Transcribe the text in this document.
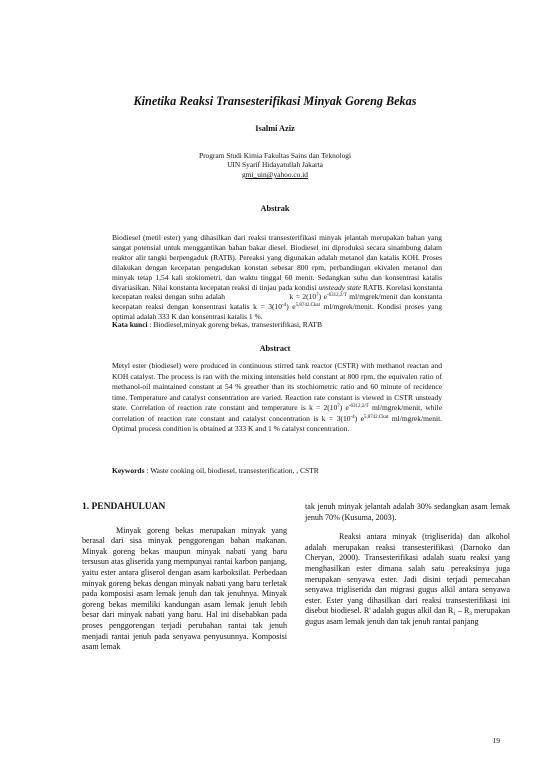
Kinetika Reaksi Transesterifikasi Minyak Goreng Bekas
Isalmi Aziz
Program Studi Kimia Fakultas Sains dan Teknologi
UIN Syarif Hidayatullah Jakarta
gmi_uin@yahoo.co.id
Abstrak
Biodiesel (metil ester) yang dihasilkan dari reaksi transesterifikasi minyak jelantah merupakan bahan yang sangat potensial untuk menggantikan bahan bakar diesel. Biodiesel ini diproduksi secara sinambung dalam reaktor alir tangki berpengaduk (RATB). Pereaksi yang digunakan adalah metanol dan katalis KOH. Proses dilakukan dengan kecepatan pengadukan konstan sebesar 800 rpm, perbandingan ekivalen metanol dan minyak tetap 1,54 kali stokiometri, dan waktu tinggal 60 menit. Sedangkan suhu dan konsentrasi katalis divariasikan. Nilai konstanta kecepatan reaksi di tinjau pada kondisi unsteady state RATB. Korelasi konstanta kecepatan reaksi dengan suhu adalah	$k = 2(10^7)$ $e^{-6312,2/T}$ ml/mgrek/menit dan konstanta kecepatan reaksi dengan konsentrasi katalis $k = 3(10^{-4})$ $e^{5,8742.Ckat}$ ml/mgrek/menit. Kondisi proses yang optimal adalah 333 K dan konsentrasi katalis 1 %.
Kata kunci : Biodiesel,minyak goreng bekas, transesterifikasi, RATB
Abstract
Metyl ester (biodiesel) were produced in continuous stirred tank reactor (CSTR) with methanol reactan and KOH catalyst. The process is ran with the mixing intensities held constant at 800 rpm, the equivalen ratio of methanol-oil maintained constant at 54 % greather than its stochiometric ratio and 60 minute of recidence time. Temperature and catalyst consentration are varied. Reaction rate constant is viewed in CSTR unsteady state. Correlation of reaction rate constant and temperature is $k = 2(10^7)$ $e^{-6312,2/T}$ ml/mgrek/menit, while correlation of reaction rate constant and catalyst concentration is $k = 3(10^{-4})$ $e^{5,8742.Ckat}$ ml/mgrek/menit. Optimal process condition is obtained at 333 K and 1 % catalyst concentration.
Keywords : Waste cooking oil, biodiesel, transesterification, , CSTR
1. PENDAHULUAN

Minyak goreng bekas merupakan minyak yang berasal dari sisa minyak penggorengan bahan makanan. Minyak goreng bekas maupun minyak nabati yang baru tersusun atas gliserida yang mempunyai rantai karbon panjang, yaitu ester antara gliserol dengan asam karboksilat. Perbedaan minyak goreng bekas dengan minyak nabati yang baru terletak pada komposisi asam lemak jenuh dan tak jenuhnya. Minyak goreng bekas memiliki kandungan asam lemak jenuh lebih besar dari minyak nabati yang baru. Hal ini disebabkan pada proses penggorengan terjadi perubahan rantai tak jenuh menjadi rantai jenuh pada senyawa penyusunnya. Komposisi asam lemak

tak jenuh minyak jelantah adalah 30% sedangkan asam lemak jenuh 70% (Kusuma, 2003).

Reaksi antara minyak (trigliserida) dan alkohol adalah merupakan reaksi transesterifikasi (Darnoko dan Cheryan, 2000). Transesterifikasi adalah suatu reaksi yang menghasilkan ester dimana salah satu pereaksinya juga merupakan senyawa ester. Jadi disini terjadi pemecahan senyawa trigliserida dan migrasi gugus alkil antara senyawa ester. Ester yang dihasilkan dari reaksi transesterifikasi ini disebut biodiesel. R' adalah gugus alkil dan $R_1 - R_3$ merupakan gugus asam lemak jenuh dan tak jenuh rantai panjang

19
